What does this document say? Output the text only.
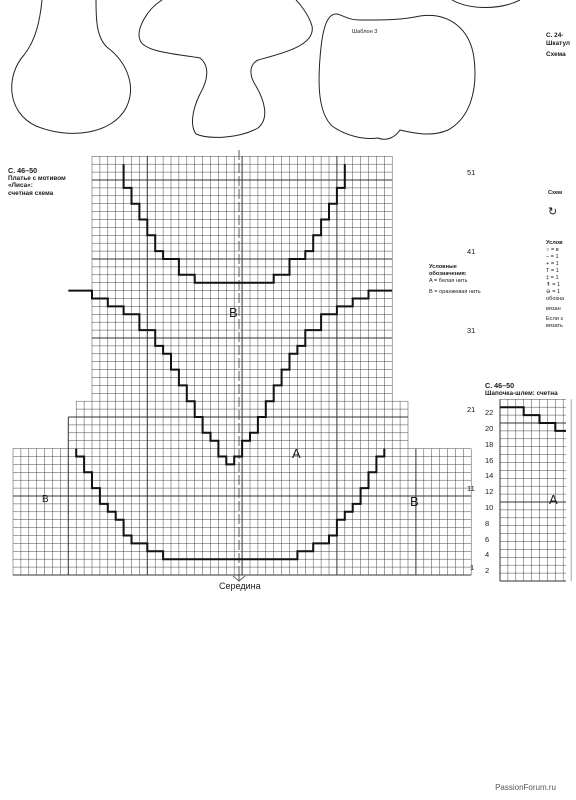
Шаблон 3
С. 46–50
Платье с мотивом
«Лиса»:
счетная схема
51
41
31
21
11
1
B
A
B	B
Середина
Условные
обозначения:
A = белая нить
B = оранжевая нить
С. 46–50
Шапочка-шлем: счетна
22
20
18
16
14
12
10
8
6
4
2
A
С. 24-
Шкатул
Схема
Схем
↻
Услов
○ = в
– = 1
+ = 1
T = 1
‡ = 1
↟ = 1
⊖ = 1
обозна
вязан
Если з
вязать
PassionForum.ru
